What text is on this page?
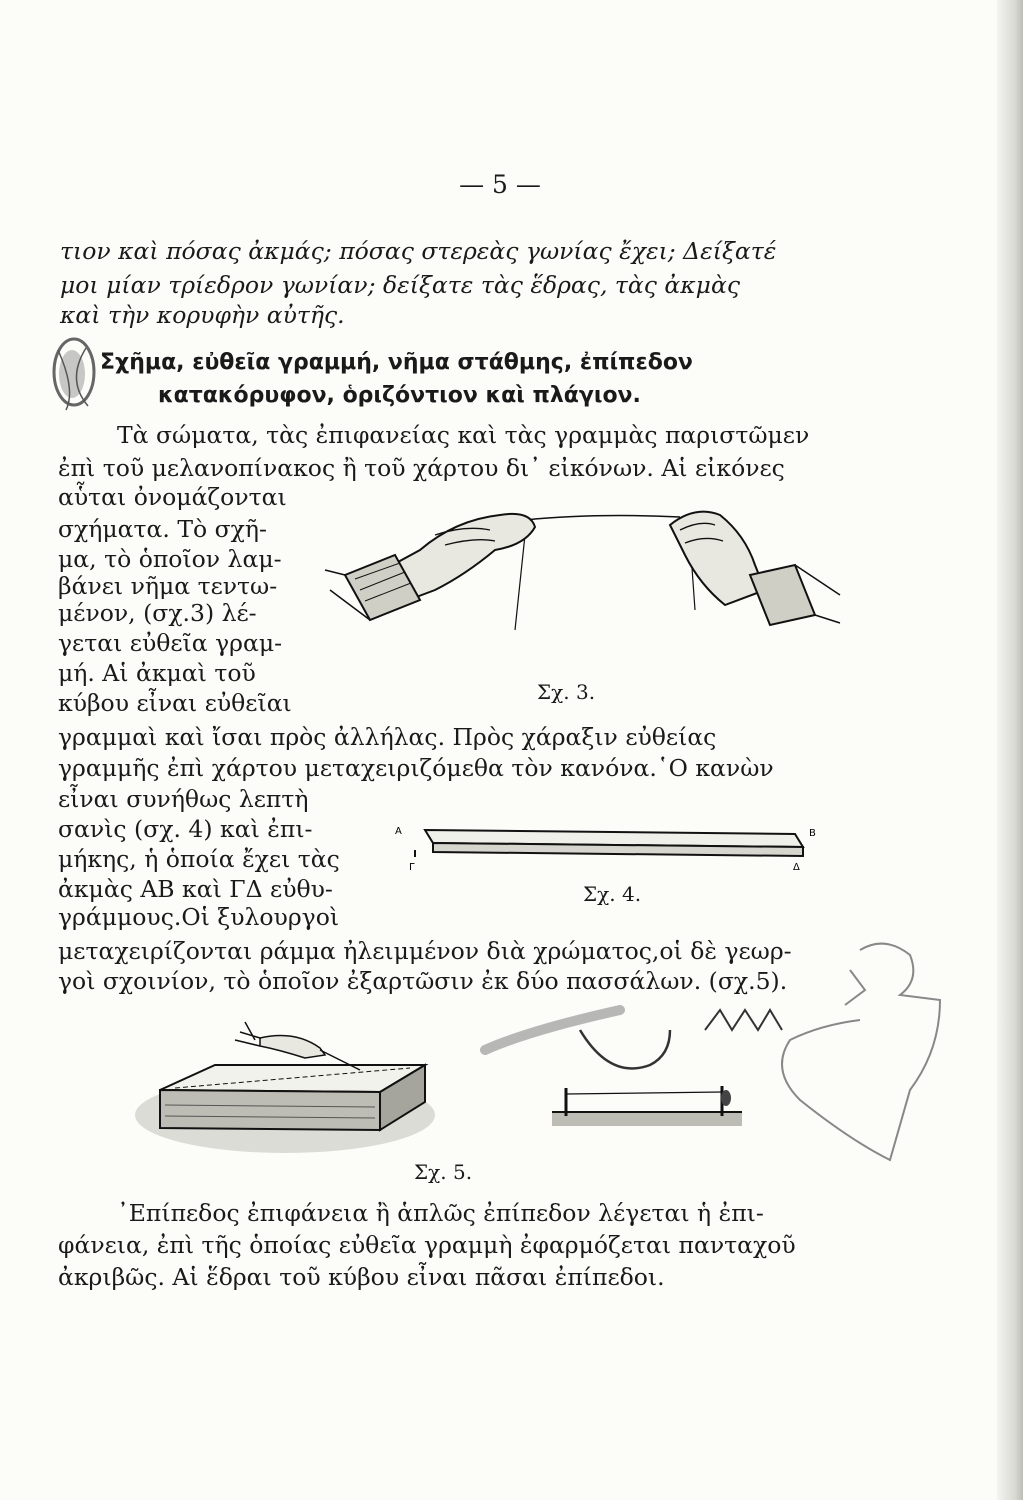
— 5 —
τιον καὶ πόσας ἀκμάς; πόσας στερεὰς γωνίας ἔχει; Δείξατέ
μοι μίαν τρίεδρον γωνίαν; δείξατε τὰς ἕδρας, τὰς ἀκμὰς
καὶ τὴν κορυφὴν αὐτῆς.
Σχῆμα, εὐθεῖα γραμμή, νῆμα στάθμης, ἐπίπεδον
κατακόρυφον, ὁριζόντιον καὶ πλάγιον.
Τὰ σώματα, τὰς ἐπιφανείας καὶ τὰς γραμμὰς παριστῶμεν
ἐπὶ τοῦ μελανοπίνακος ἢ τοῦ χάρτου δι᾽ εἰκόνων. Αἱ εἰκόνες
αὗται ὀνομάζονται
σχήματα. Τὸ σχῆ-
μα, τὸ ὁποῖον λαμ-
βάνει νῆμα τεντω-
μένον, (σχ.3) λέ-
γεται εὐθεῖα γραμ-
μή. Αἱ ἀκμαὶ τοῦ
κύβου εἶναι εὐθεῖαι	Σχ. 3.
γραμμαὶ καὶ ἴσαι πρὸς ἀλλήλας. Πρὸς χάραξιν εὐθείας
γραμμῆς ἐπὶ χάρτου μεταχειριζόμεθα τὸν κανόνα.῾Ο κανὼν
εἶναι συνήθως λεπτὴ
σανὶς (σχ. 4) καὶ ἐπι-
μήκης, ἡ ὁποία ἔχει τὰς
ἀκμὰς ΑΒ καὶ ΓΔ εὐθυ-
γράμμους.Οἱ ξυλουργοὶ
Α	Β
Γ	Δ
Σχ. 4.
μεταχειρίζονται ράμμα ἠλειμμένον διὰ χρώματος,οἱ δὲ γεωρ-
γοὶ σχοινίον, τὸ ὁποῖον ἐξαρτῶσιν ἐκ δύο πασσάλων. (σχ.5).
Σχ. 5.
᾽Επίπεδος ἐπιφάνεια ἢ ἁπλῶς ἐπίπεδον λέγεται ἡ ἐπι-
φάνεια, ἐπὶ τῆς ὁποίας εὐθεῖα γραμμὴ ἐφαρμόζεται πανταχοῦ
ἀκριβῶς. Αἱ ἕδραι τοῦ κύβου εἶναι πᾶσαι ἐπίπεδοι.
